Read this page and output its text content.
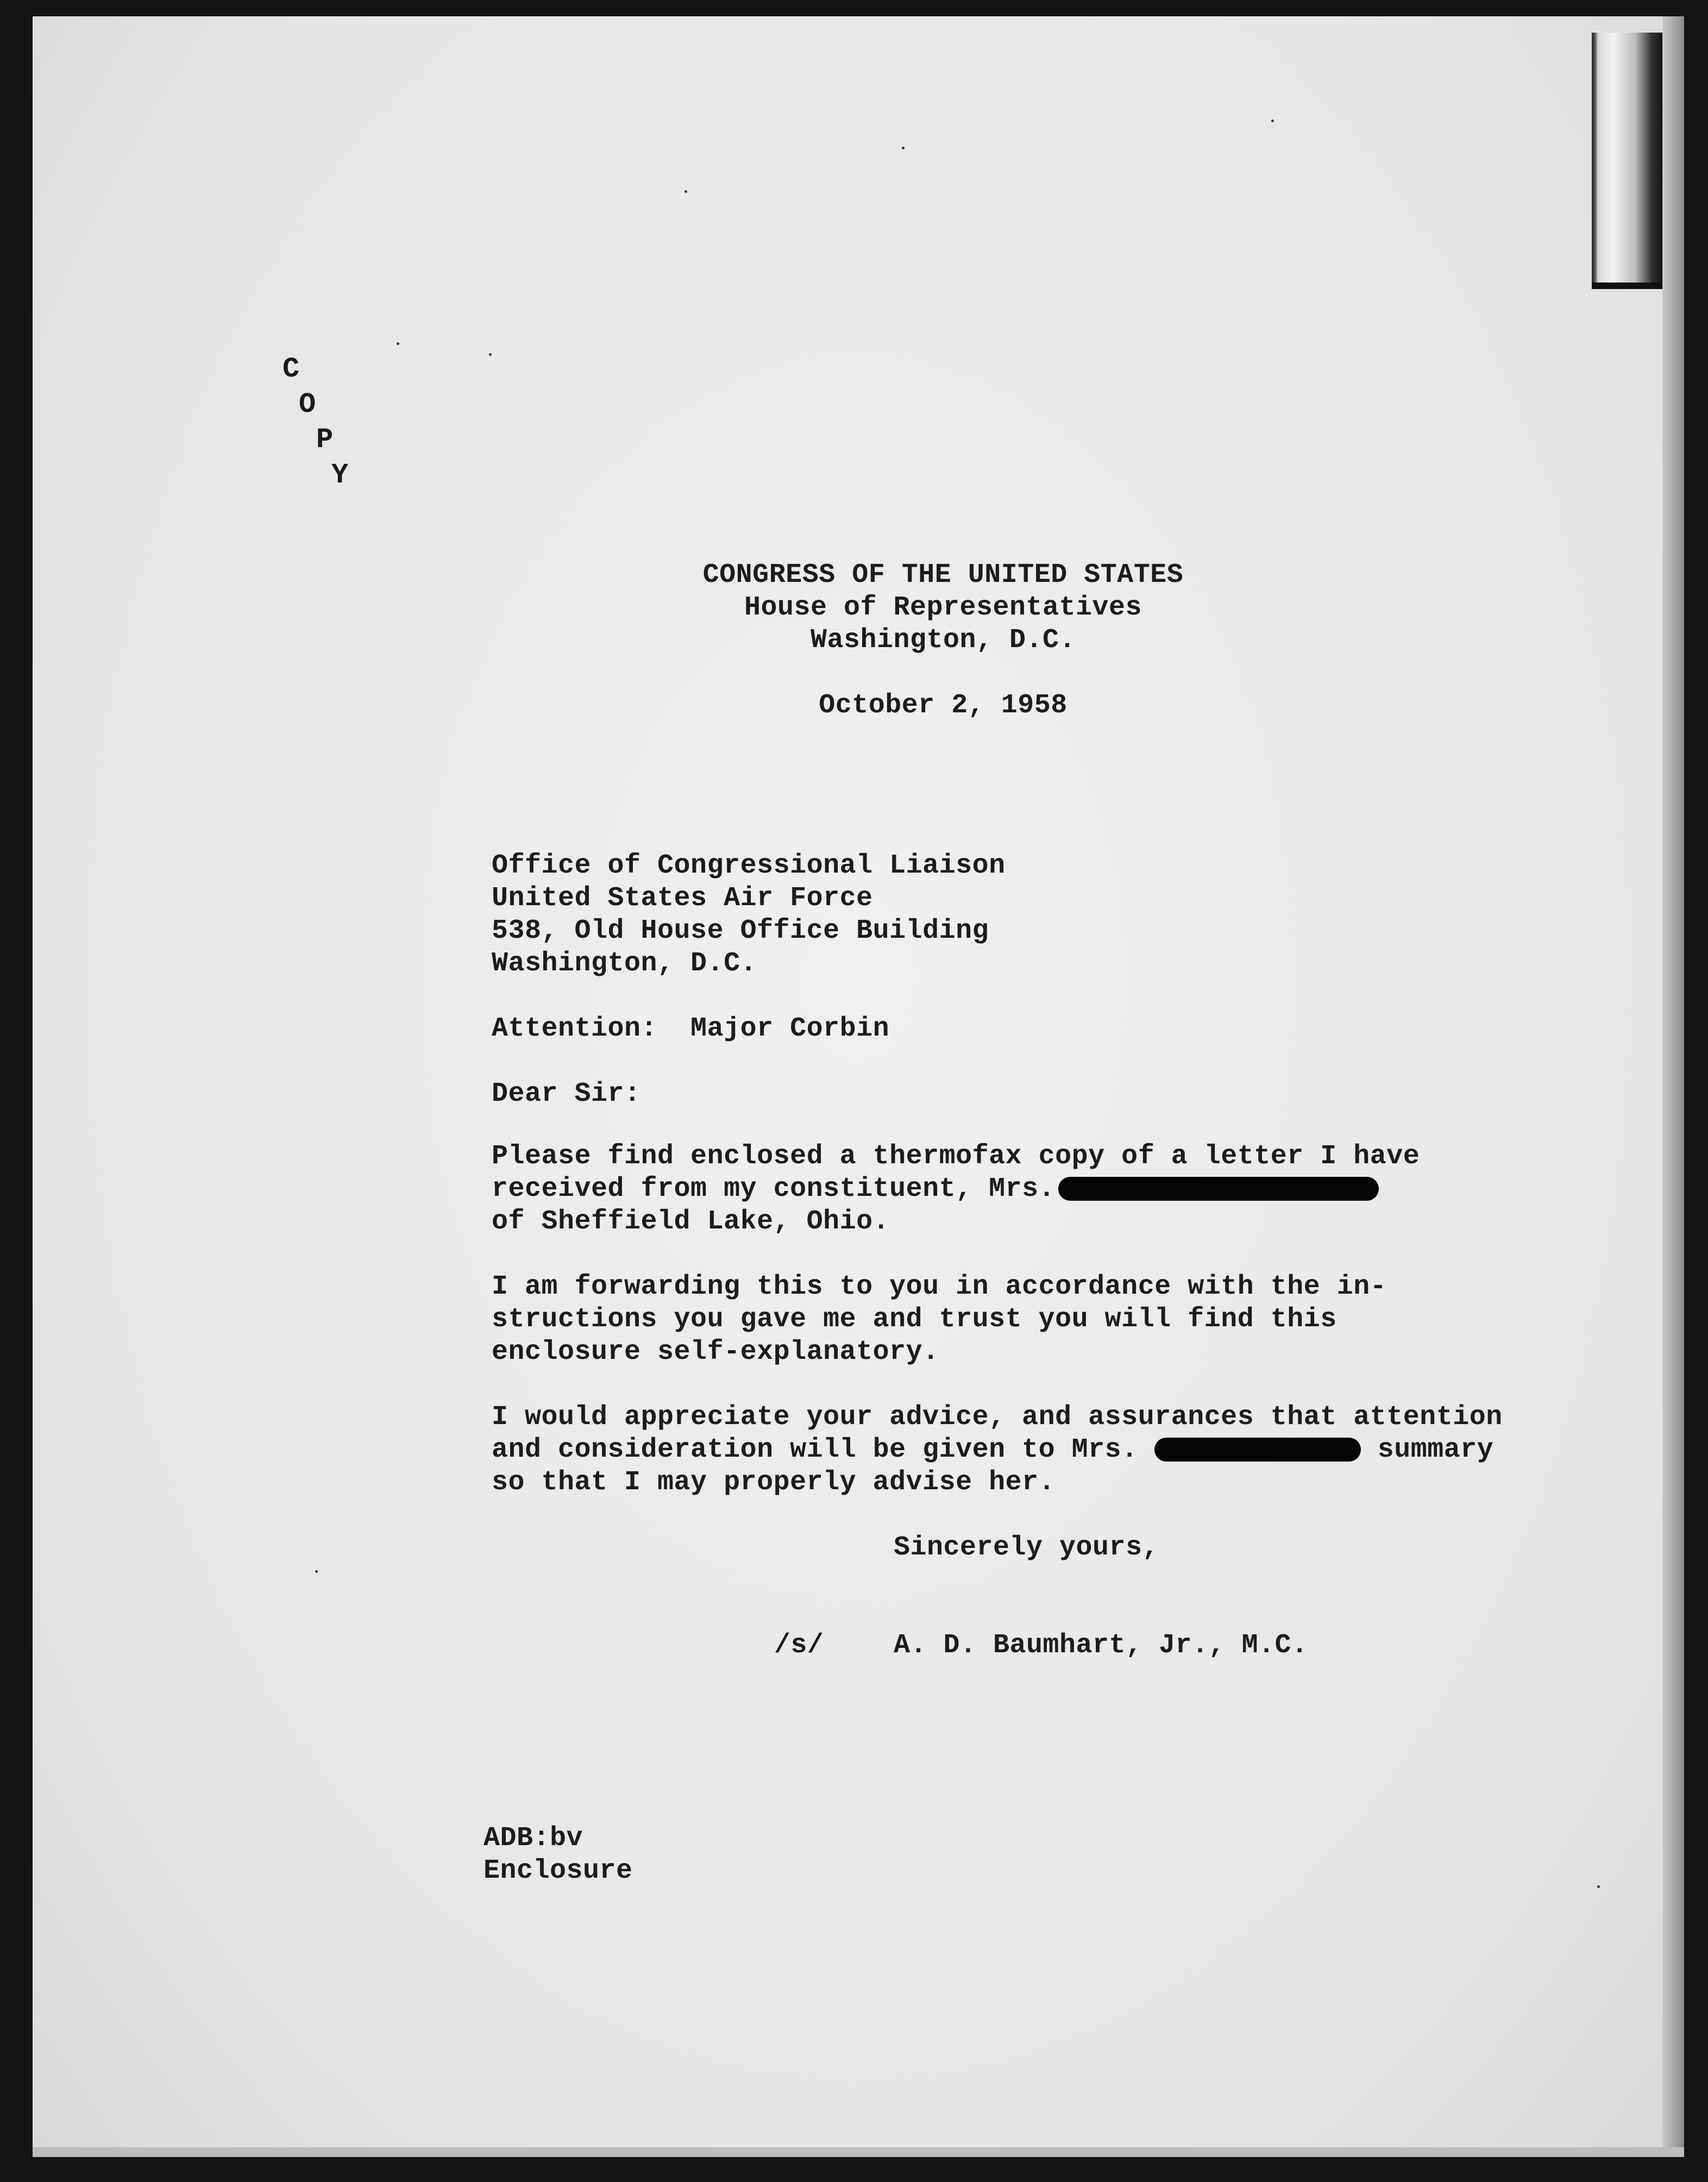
C
O
P
Y
CONGRESS OF THE UNITED STATES
House of Representatives
Washington, D.C.
October 2, 1958
Office of Congressional Liaison
United States Air Force
538, Old House Office Building
Washington, D.C.
Attention:  Major Corbin
Dear Sir:
Please find enclosed a thermofax copy of a letter I have
received from my constituent, Mrs.
of Sheffield Lake, Ohio.
I am forwarding this to you in accordance with the in-
structions you gave me and trust you will find this
enclosure self-explanatory.
I would appreciate your advice, and assurances that attention
and consideration will be given to Mrs.	summary
so that I may properly advise her.
Sincerely yours,
/s/	A. D. Baumhart, Jr., M.C.
ADB:bv
Enclosure
